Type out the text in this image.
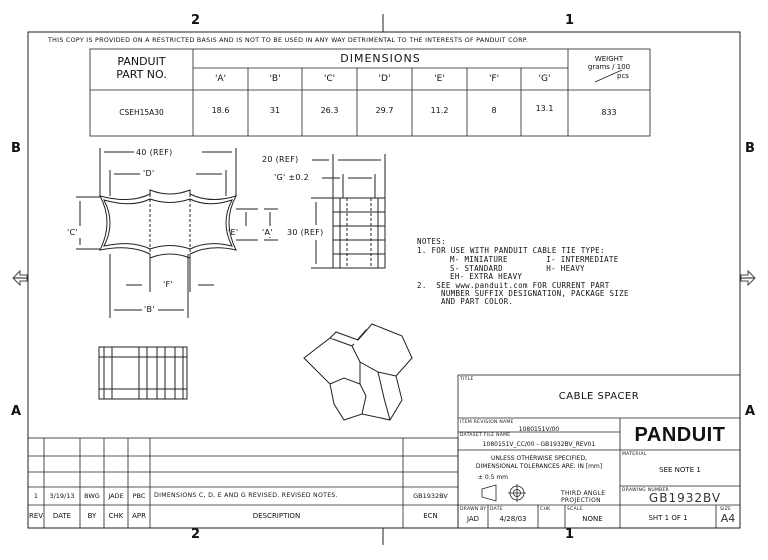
2	1
2	1
B	B
A	A
THIS COPY IS PROVIDED ON A RESTRICTED BASIS AND IS NOT TO BE USED IN ANY WAY DETRIMENTAL TO THE INTERESTS OF PANDUIT CORP.
PANDUIT
PART NO.
DIMENSIONS	WEIGHT
grams / 100
pcs
'A'	'B'	'C'	'D'	'E'	'F'	'G'
CSEH15A30	18.6	31	26.3	29.7	11.2	8	13.1	833
40 (REF)
'D'
'C'	'E'	'A'
'F'
'B'
20 (REF)
'G' ±0.2
30 (REF)
NOTES:
1. FOR USE WITH PANDUIT CABLE TIE TYPE:
M- MINIATURE        I- INTERMEDIATE
S- STANDARD         H- HEAVY
EH- EXTRA HEAVY
2.  SEE www.panduit.com FOR CURRENT PART
NUMBER SUFFIX DESIGNATION, PACKAGE SIZE
AND PART COLOR.
TITLE
CABLE SPACER
ITEM REVISION NAME
1080151V/00
DATASET FILE NAME
1080151V_CC/00 - GB1932BV_REV01	PANDUIT
UNLESS OTHERWISE SPECIFIED,
DIMENSIONAL TOLERANCES ARE: IN [mm]
± 0.5 mm
THIRD ANGLE
PROJECTION
MATERIAL
SEE NOTE 1
DRAWING NUMBER
GB1932BV
SIZE
A4
SHT 1 OF 1
DRAWN BY
JAD
DATE
4/28/03
CHK	SCALE
NONE
1	3/19/13	BWG	JADE	PBC	DIMENSIONS C, D, E AND G REVISED. REVISED NOTES.	GB1932BV
REV	DATE	BY	CHK	APR	DESCRIPTION	ECN
